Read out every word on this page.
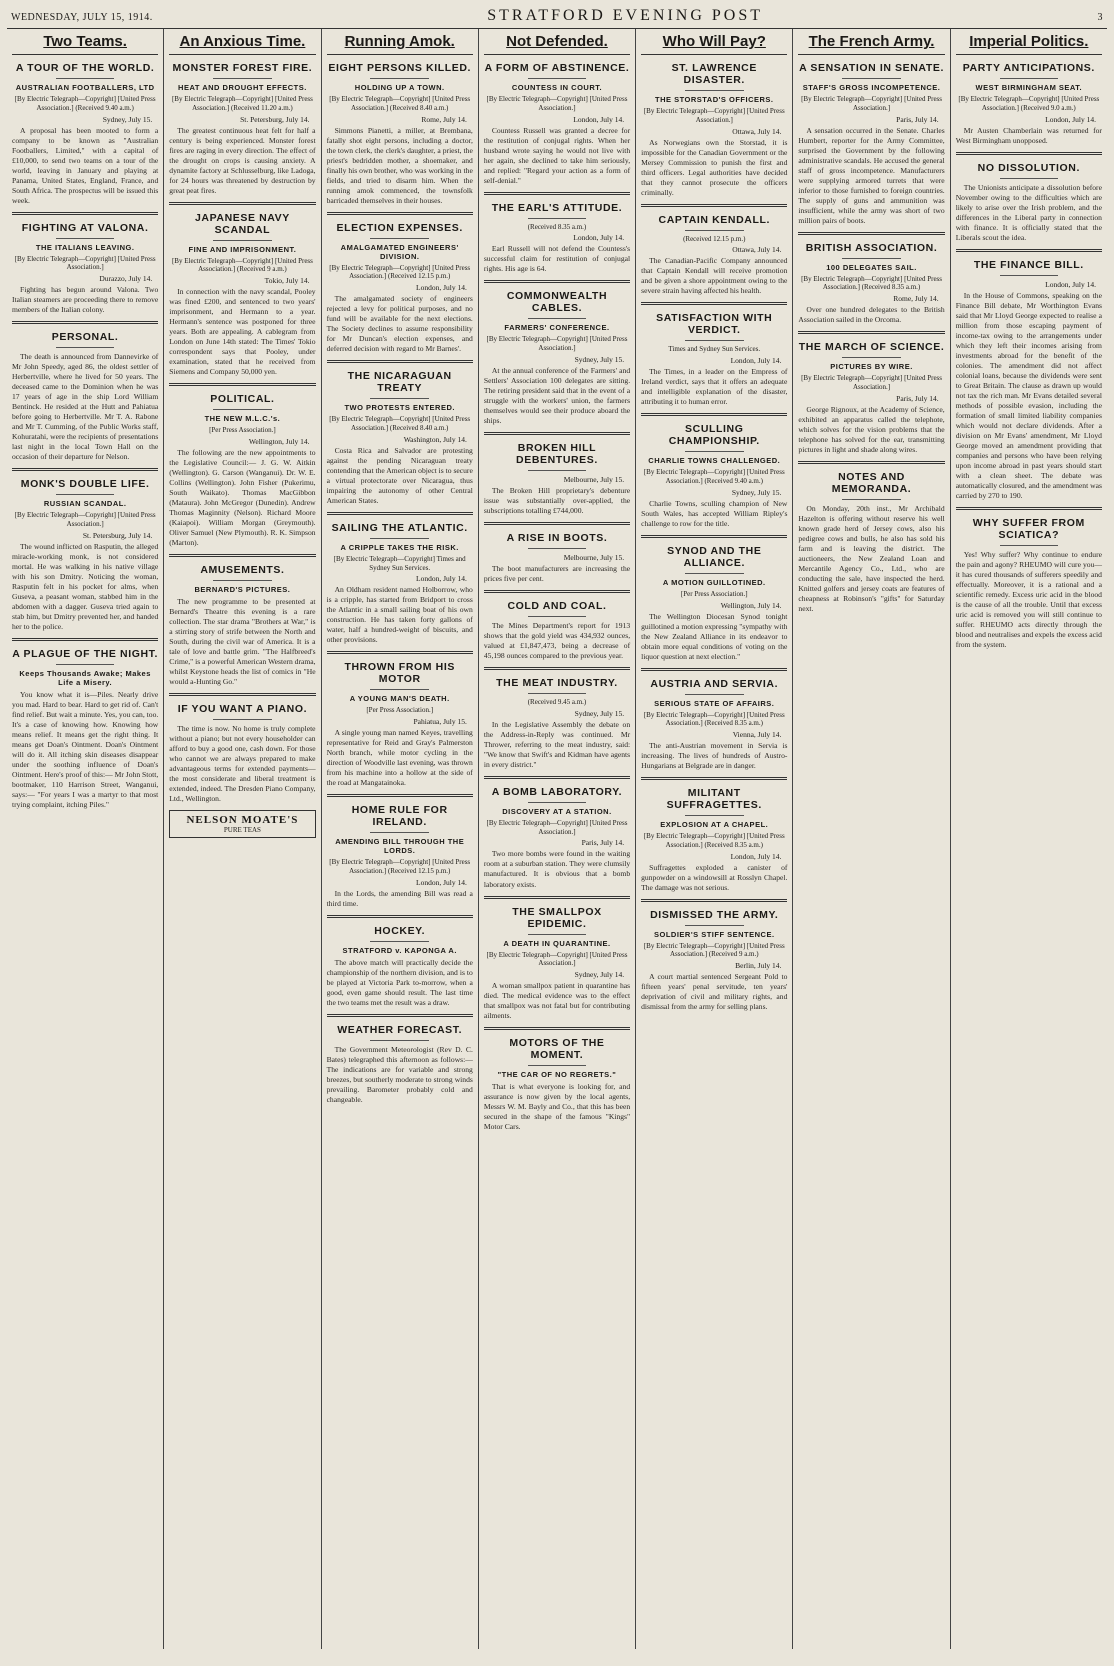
WEDNESDAY, JULY 15, 1914.	STRATFORD EVENING POST	3
Two Teams.
A TOUR OF THE WORLD.
AUSTRALIAN FOOTBALLERS, LTD
[By Electric Telegraph—Copyright] [United Press Association.] (Received 9.40 a.m.)
Sydney, July 15.

A proposal has been mooted to form a company to be known as "Australian Footballers, Limited," with a capital of £10,000, to send two teams on a tour of the world, leaving in January and playing at Panama, United States, England, France, and South Africa. The prospectus will be issued this week.

FIGHTING AT VALONA.
THE ITALIANS LEAVING.
[By Electric Telegraph—Copyright] [United Press Association.]
Durazzo, July 14.

Fighting has begun around Valona. Two Italian steamers are proceeding there to remove members of the Italian colony.

PERSONAL.

The death is announced from Dannevirke of Mr John Speedy, aged 86, the oldest settler of Herbertville, where he lived for 50 years. The deceased came to the Dominion when he was 17 years of age in the ship Lord William Bentinck. He resided at the Hutt and Pahiatua before going to Herbertville. Mr T. A. Rabone and Mr T. Cumming, of the Public Works staff, Kohuratahi, were the recipients of presentations last night in the local Town Hall on the occasion of their departure for Nelson.

MONK'S DOUBLE LIFE.
RUSSIAN SCANDAL.
[By Electric Telegraph—Copyright] [United Press Association.]
St. Petersburg, July 14.

The wound inflicted on Rasputin, the alleged miracle-working monk, is not considered mortal. He was walking in his native village with his son Dmitry. Noticing the woman, Rasputin felt in his pocket for alms, when Guseva, a peasant woman, stabbed him in the abdomen with a dagger. Guseva tried again to stab him, but Dmitry prevented her, and handed her to the police.

A PLAGUE OF THE NIGHT.
Keeps Thousands Awake; Makes Life a Misery.

You know what it is—Piles. Nearly drive you mad. Hard to bear. Hard to get rid of. Can't find relief. But wait a minute. Yes, you can, too. It's a case of knowing how. Knowing how means relief. It means get the right thing. It means get Doan's Ointment. Doan's Ointment will do it. All itching skin diseases disappear under the soothing influence of Doan's Ointment. Here's proof of this:— Mr John Stott, bootmaker, 110 Harrison Street, Wanganui, says:— "For years I was a martyr to that most trying complaint, itching Piles."

An Anxious Time.
MONSTER FOREST FIRE.
HEAT AND DROUGHT EFFECTS.
[By Electric Telegraph—Copyright] [United Press Association.] (Received 11.20 a.m.)
St. Petersburg, July 14.

The greatest continuous heat felt for half a century is being experienced. Monster forest fires are raging in every direction. The effect of the drought on crops is causing anxiety. A dynamite factory at Schlusselburg, like Ladoga, for 24 hours was threatened by destruction by great peat fires.

JAPANESE NAVY SCANDAL
FINE AND IMPRISONMENT.
[By Electric Telegraph—Copyright] [United Press Association.] (Received 9 a.m.)
Tokio, July 14.

In connection with the navy scandal, Pooley was fined £200, and sentenced to two years' imprisonment, and Hermann to a year. Hermann's sentence was postponed for three years. Both are appealing. A cablegram from London on June 14th stated: The Times' Tokio correspondent says that Pooley, under examination, stated that he received from Siemens and Company 50,000 yen.

POLITICAL.
THE NEW M.L.C.'s.
[Per Press Association.]
Wellington, July 14.

The following are the new appointments to the Legislative Council:— J. G. W. Aitkin (Wellington). G. Carson (Wanganui). Dr. W. E. Collins (Wellington). John Fisher (Pukerimu, South Waikato). Thomas MacGibbon (Mataura). John McGregor (Dunedin). Andrew Thomas Maginnity (Nelson). Richard Moore (Kaiapoi). William Morgan (Greymouth). Oliver Samuel (New Plymouth). R. K. Simpson (Marton).

AMUSEMENTS.
BERNARD'S PICTURES.

The new programme to be presented at Bernard's Theatre this evening is a rare collection. The star drama "Brothers at War," is a stirring story of strife between the North and South, during the civil war of America. It is a tale of love and battle grim. "The Halfbreed's Crime," is a powerful American Western drama, whilst Keystone heads the list of comics in "He would a-Hunting Go."

IF YOU WANT A PIANO.

The time is now. No home is truly complete without a piano; but not every householder can afford to buy a good one, cash down. For those who cannot we are always prepared to make advantageous terms for extended payments—the most considerate and liberal treatment is extended, indeed. The Dresden Piano Company, Ltd., Wellington.

NELSON MOATE'S
PURE TEAS
Running Amok.
EIGHT PERSONS KILLED.
HOLDING UP A TOWN.
[By Electric Telegraph—Copyright] [United Press Association.] (Received 8.40 a.m.)
Rome, July 14.

Simmons Pianetti, a miller, at Brembana, fatally shot eight persons, including a doctor, the town clerk, the clerk's daughter, a priest, the priest's bedridden mother, a shoemaker, and finally his own brother, who was working in the fields, and tried to disarm him. When the running amok commenced, the townsfolk barricaded themselves in their houses.

ELECTION EXPENSES.
AMALGAMATED ENGINEERS' DIVISION.
[By Electric Telegraph—Copyright] [United Press Association.] (Received 12.15 p.m.)
London, July 14.

The amalgamated society of engineers rejected a levy for political purposes, and no fund will be available for the next elections. The Society declines to assume responsibility for Mr Duncan's election expenses, and deferred decision with regard to Mr Barnes'.

THE NICARAGUAN TREATY
TWO PROTESTS ENTERED.
[By Electric Telegraph—Copyright] [United Press Association.] (Received 8.40 a.m.)
Washington, July 14.

Costa Rica and Salvador are protesting against the pending Nicaraguan treaty contending that the American object is to secure a virtual protectorate over Nicaragua, thus impairing the autonomy of other Central American States.

SAILING THE ATLANTIC.
A CRIPPLE TAKES THE RISK.
[By Electric Telegraph—Copyright] Times and Sydney Sun Services.
London, July 14.

An Oldham resident named Holborrow, who is a cripple, has started from Bridport to cross the Atlantic in a small sailing boat of his own construction. He has taken forty gallons of water, half a hundred-weight of biscuits, and other provisions.

THROWN FROM HIS MOTOR
A YOUNG MAN'S DEATH.
[Per Press Association.]
Pahiatua, July 15.

A single young man named Keyes, travelling representative for Reid and Gray's Palmerston North branch, while motor cycling in the direction of Woodville last evening, was thrown from his machine into a hollow at the side of the road at Mangatainoka.

HOME RULE FOR IRELAND.
AMENDING BILL THROUGH THE LORDS.
[By Electric Telegraph—Copyright] [United Press Association.] (Received 12.15 p.m.)
London, July 14.

In the Lords, the amending Bill was read a third time.

HOCKEY.
STRATFORD v. KAPONGA A.

The above match will practically decide the championship of the northern division, and is to be played at Victoria Park to-morrow, when a good, even game should result. The last time the two teams met the result was a draw.

WEATHER FORECAST.

The Government Meteorologist (Rev D. C. Bates) telegraphed this afternoon as follows:— The indications are for variable and strong breezes, but southerly moderate to strong winds prevailing. Barometer probably cold and changeable.

Not Defended.
A FORM OF ABSTINENCE.
COUNTESS IN COURT.
[By Electric Telegraph—Copyright] [United Press Association.]
London, July 14.

Countess Russell was granted a decree for the restitution of conjugal rights. When her husband wrote saying he would not live with her again, she declined to take him seriously, and replied: "Regard your action as a form of self-denial."

THE EARL'S ATTITUDE.
(Received 8.35 a.m.)
London, July 14.

Earl Russell will not defend the Countess's successful claim for restitution of conjugal rights. His age is 64.

COMMONWEALTH CABLES.
FARMERS' CONFERENCE.
[By Electric Telegraph—Copyright] [United Press Association.]
Sydney, July 15.

At the annual conference of the Farmers' and Settlers' Association 100 delegates are sitting. The retiring president said that in the event of a struggle with the workers' union, the farmers themselves would see their produce aboard the ships.

BROKEN HILL DEBENTURES.
Melbourne, July 15.

The Broken Hill proprietary's debenture issue was substantially over-applied, the subscriptions totalling £744,000.

A RISE IN BOOTS.
Melbourne, July 15.

The boot manufacturers are increasing the prices five per cent.

COLD AND COAL.

The Mines Department's report for 1913 shows that the gold yield was 434,932 ounces, valued at £1,847,473, being a decrease of 45,198 ounces compared to the previous year.

THE MEAT INDUSTRY.
(Received 9.45 a.m.)
Sydney, July 15.

In the Legislative Assembly the debate on the Address-in-Reply was continued. Mr Thrower, referring to the meat industry, said: "We know that Swift's and Kidman have agents in every district."

A BOMB LABORATORY.
DISCOVERY AT A STATION.
[By Electric Telegraph—Copyright] [United Press Association.]
Paris, July 14.

Two more bombs were found in the waiting room at a suburban station. They were clumsily manufactured. It is obvious that a bomb laboratory exists.

THE SMALLPOX EPIDEMIC.
A DEATH IN QUARANTINE.
[By Electric Telegraph—Copyright] [United Press Association.]
Sydney, July 14.

A woman smallpox patient in quarantine has died. The medical evidence was to the effect that smallpox was not fatal but for contributing ailments.

MOTORS OF THE MOMENT.
"THE CAR OF NO REGRETS."

That is what everyone is looking for, and assurance is now given by the local agents, Messrs W. M. Bayly and Co., that this has been secured in the shape of the famous "Kings" Motor Cars.

Who Will Pay?
ST. LAWRENCE DISASTER.
THE STORSTAD'S OFFICERS.
[By Electric Telegraph—Copyright] [United Press Association.]
Ottawa, July 14.

As Norwegians own the Storstad, it is impossible for the Canadian Government or the Mersey Commission to punish the first and third officers. Legal authorities have decided that they cannot prosecute the officers criminally.

CAPTAIN KENDALL.
(Received 12.15 p.m.)
Ottawa, July 14.

The Canadian-Pacific Company announced that Captain Kendall will receive promotion and be given a shore appointment owing to the severe strain having affected his health.

SATISFACTION WITH VERDICT.
Times and Sydney Sun Services.
London, July 14.

The Times, in a leader on the Empress of Ireland verdict, says that it offers an adequate and intelligible explanation of the disaster, attributing it to human error.

SCULLING CHAMPIONSHIP.
CHARLIE TOWNS CHALLENGED.
[By Electric Telegraph—Copyright] [United Press Association.] (Received 9.40 a.m.)
Sydney, July 15.

Charlie Towns, sculling champion of New South Wales, has accepted William Ripley's challenge to row for the title.

SYNOD AND THE ALLIANCE.
A MOTION GUILLOTINED.
[Per Press Association.]
Wellington, July 14.

The Wellington Diocesan Synod tonight guillotined a motion expressing "sympathy with the New Zealand Alliance in its endeavor to obtain more equal conditions of voting on the liquor question at next election."

AUSTRIA AND SERVIA.
SERIOUS STATE OF AFFAIRS.
[By Electric Telegraph—Copyright] [United Press Association.] (Received 8.35 a.m.)
Vienna, July 14.

The anti-Austrian movement in Servia is increasing. The lives of hundreds of Austro-Hungarians at Belgrade are in danger.

MILITANT SUFFRAGETTES.
EXPLOSION AT A CHAPEL.
[By Electric Telegraph—Copyright] [United Press Association.] (Received 8.35 a.m.)
London, July 14.

Suffragettes exploded a canister of gunpowder on a windowsill at Rosslyn Chapel. The damage was not serious.

DISMISSED THE ARMY.
SOLDIER'S STIFF SENTENCE.
[By Electric Telegraph—Copyright] [United Press Association.] (Received 9 a.m.)
Berlin, July 14.

A court martial sentenced Sergeant Pold to fifteen years' penal servitude, ten years' deprivation of civil and military rights, and dismissal from the army for selling plans.

The French Army.
A SENSATION IN SENATE.
STAFF'S GROSS INCOMPETENCE.
[By Electric Telegraph—Copyright] [United Press Association.]
Paris, July 14.

A sensation occurred in the Senate. Charles Humbert, reporter for the Army Committee, surprised the Government by the following administrative scandals. He accused the general staff of gross incompetence. Manufacturers were supplying armored turrets that were inferior to those furnished to foreign countries. The supply of guns and ammunition was insufficient, while the army was short of two million pairs of boots.

BRITISH ASSOCIATION.
100 DELEGATES SAIL.
[By Electric Telegraph—Copyright] [United Press Association.] (Received 8.35 a.m.)
Rome, July 14.

Over one hundred delegates to the British Association sailed in the Orcoma.

THE MARCH OF SCIENCE.
PICTURES BY WIRE.
[By Electric Telegraph—Copyright] [United Press Association.]
Paris, July 14.

George Rignoux, at the Academy of Science, exhibited an apparatus called the telephote, which solves for the vision problems that the telephone has solved for the ear, transmitting pictures in light and shade along wires.

NOTES AND MEMORANDA.

On Monday, 20th inst., Mr Archibald Hazelton is offering without reserve his well known grade herd of Jersey cows, also his pedigree cows and bulls, he also has sold his farm and is leaving the district. The auctioneers, the New Zealand Loan and Mercantile Agency Co., Ltd., who are conducting the sale, have inspected the herd. Knitted golfers and jersey coats are features of cheapness at Robinson's "gifts" for Saturday next.

Imperial Politics.
PARTY ANTICIPATIONS.
WEST BIRMINGHAM SEAT.
[By Electric Telegraph—Copyright] [United Press Association.] (Received 9.0 a.m.)
London, July 14.

Mr Austen Chamberlain was returned for West Birmingham unopposed.

NO DISSOLUTION.

The Unionists anticipate a dissolution before November owing to the difficulties which are likely to arise over the Irish problem, and the differences in the Liberal party in connection with finance. It is officially stated that the Liberals scout the idea.

THE FINANCE BILL.
London, July 14.

In the House of Commons, speaking on the Finance Bill debate, Mr Worthington Evans said that Mr Lloyd George expected to realise a million from those escaping payment of income-tax owing to the arrangements under which they left their incomes arising from investments abroad for the benefit of the colonies. The amendment did not affect colonial loans, because the dividends were sent to Great Britain. The clause as drawn up would not tax the rich man. Mr Evans detailed several methods of possible evasion, including the formation of small limited liability companies which would not declare dividends. After a division on Mr Evans' amendment, Mr Lloyd George moved an amendment providing that companies and persons who have been relying upon income abroad in past years should start with a clean sheet. The debate was automatically closured, and the amendment was carried by 270 to 190.

WHY SUFFER FROM SCIATICA?

Yes! Why suffer? Why continue to endure the pain and agony? RHEUMO will cure you—it has cured thousands of sufferers speedily and effectually. Moreover, it is a rational and a scientific remedy. Excess uric acid in the blood is the cause of all the trouble. Until that excess uric acid is removed you will still continue to suffer. RHEUMO acts directly through the blood and neutralises and expels the excess acid from the system.
